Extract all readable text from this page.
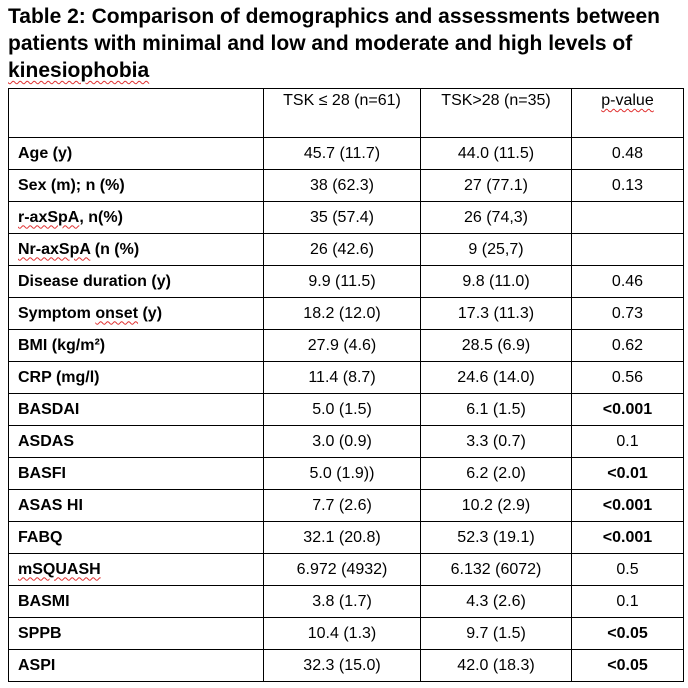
Table 2: Comparison of demographics and assessments between
patients with minimal and low and moderate and high levels of
kinesiophobia
	TSK ≤ 28 (n=61)	TSK>28 (n=35)	p-value
Age (y)	45.7 (11.7)	44.0 (11.5)	0.48
Sex (m); n (%)	38 (62.3)	27 (77.1)	0.13
r-axSpA, n(%)	35 (57.4)	26 (74,3)	
Nr-axSpA (n (%)	26 (42.6)	9 (25,7)	
Disease duration (y)	9.9 (11.5)	9.8 (11.0)	0.46
Symptom onset (y)	18.2 (12.0)	17.3 (11.3)	0.73
BMI (kg/m²)	27.9 (4.6)	28.5 (6.9)	0.62
CRP (mg/l)	11.4 (8.7)	24.6 (14.0)	0.56
BASDAI	5.0 (1.5)	6.1 (1.5)	<0.001
ASDAS	3.0 (0.9)	3.3 (0.7)	0.1
BASFI	5.0 (1.9))	6.2 (2.0)	<0.01
ASAS HI	7.7 (2.6)	10.2 (2.9)	<0.001
FABQ	32.1 (20.8)	52.3 (19.1)	<0.001
mSQUASH	6.972 (4932)	6.132 (6072)	0.5
BASMI	3.8 (1.7)	4.3 (2.6)	0.1
SPPB	10.4 (1.3)	9.7 (1.5)	<0.05
ASPI	32.3 (15.0)	42.0 (18.3)	<0.05
